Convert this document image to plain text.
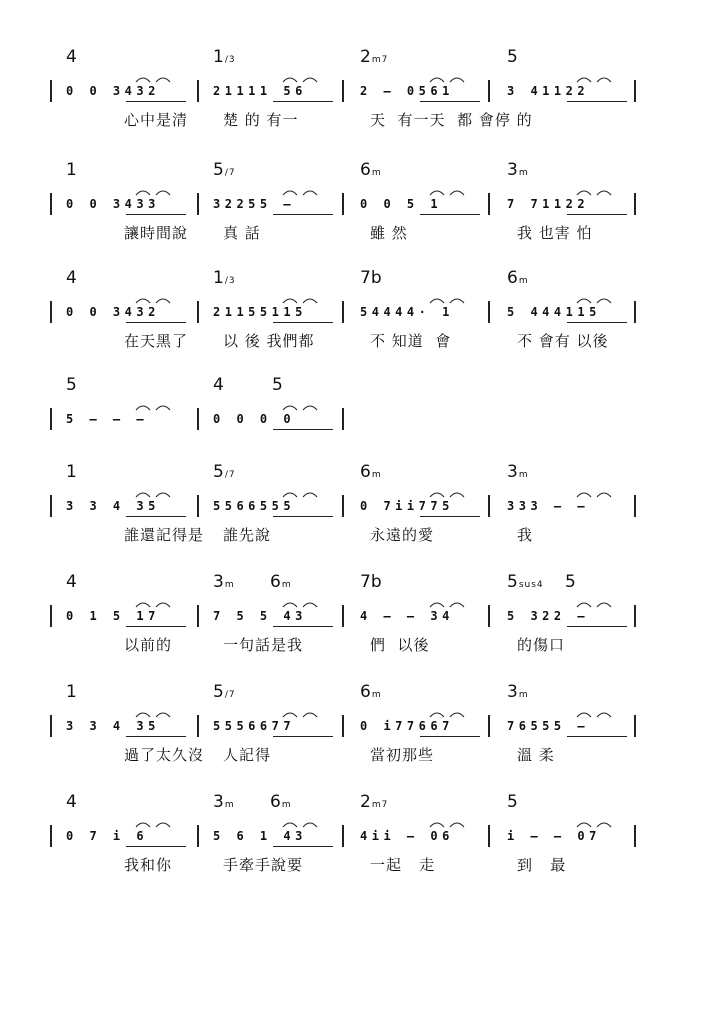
4	1/3	2m7	5
0 0 3432	21111 56	2 – 0561	3 41122
心中是清 楚 的 有一	天  有一天  都 會停 的
1	5/7	6m	3m
0 0 3433	32255 –	0 0 5 1	7 71122
讓時間說 真 話	雖 然	我 也害 怕
4	1/3	7b	6m
0 0 3432	21155115	54444· 1	5 444115
在天黑了 以 後 我們都	不 知道  會	不 會有 以後
5	4	5
5 – – –	0 0 0 0
1	5/7	6m	3m
3 3 4 35	5566555	0 7ii775	333 – –
誰還記得是 誰先說	永遠的愛	我
4	3m 6m	7b	5sus4 5
0 1 5 17	7 5 5 43	4 – – 34	5 322 –
以前的	一句話是我	們  以後	的傷口
1	5/7	6m	3m
3 3 4 35	5556677	0 i77667	76555 –
過了太久沒 人記得	當初那些	溫 柔
4	3m 6m	2m7	5
0 7 i 6	5 6 1 43	4ii – 06	i – – 07
我和你	手牽手說要	一起   走	到   最
